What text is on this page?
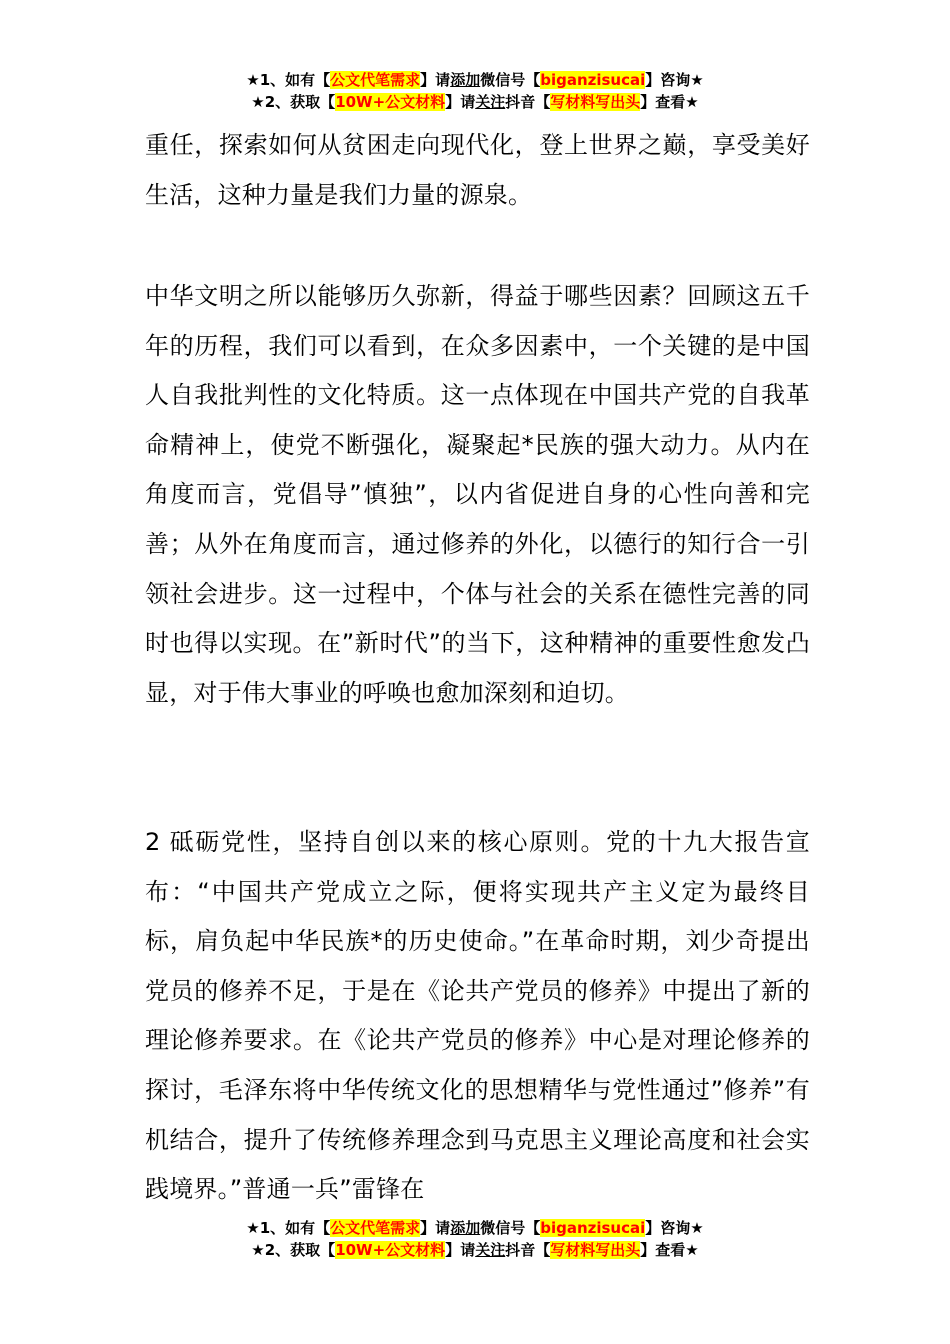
★1、如有【公文代笔需求】请添加微信号【biganzisucai】咨询★
★2、获取【10W+公文材料】请关注抖音【写材料写出头】查看★

重任，探索如何从贫困走向现代化，登上世界之巅，享受美好生活，这种力量是我们力量的源泉。

中华文明之所以能够历久弥新，得益于哪些因素？回顾这五千年的历程，我们可以看到，在众多因素中，一个关键的是中国人自我批判性的文化特质。这一点体现在中国共产党的自我革命精神上，使党不断强化，凝聚起*民族的强大动力。从内在角度而言，党倡导”慎独”，以内省促进自身的心性向善和完善；从外在角度而言，通过修养的外化，以德行的知行合一引领社会进步。这一过程中，个体与社会的关系在德性完善的同时也得以实现。在”新时代”的当下，这种精神的重要性愈发凸显，对于伟大事业的呼唤也愈加深刻和迫切。

2 砥砺党性，坚持自创以来的核心原则。党的十九大报告宣布：“中国共产党成立之际，便将实现共产主义定为最终目标，肩负起中华民族*的历史使命。”在革命时期，刘少奇提出党员的修养不足，于是在《论共产党员的修养》中提出了新的理论修养要求。在《论共产党员的修养》中心是对理论修养的探讨，毛泽东将中华传统文化的思想精华与党性通过”修养”有机结合，提升了传统修养理念到马克思主义理论高度和社会实践境界。”普通一兵”雷锋在

★1、如有【公文代笔需求】请添加微信号【biganzisucai】咨询★
★2、获取【10W+公文材料】请关注抖音【写材料写出头】查看★
